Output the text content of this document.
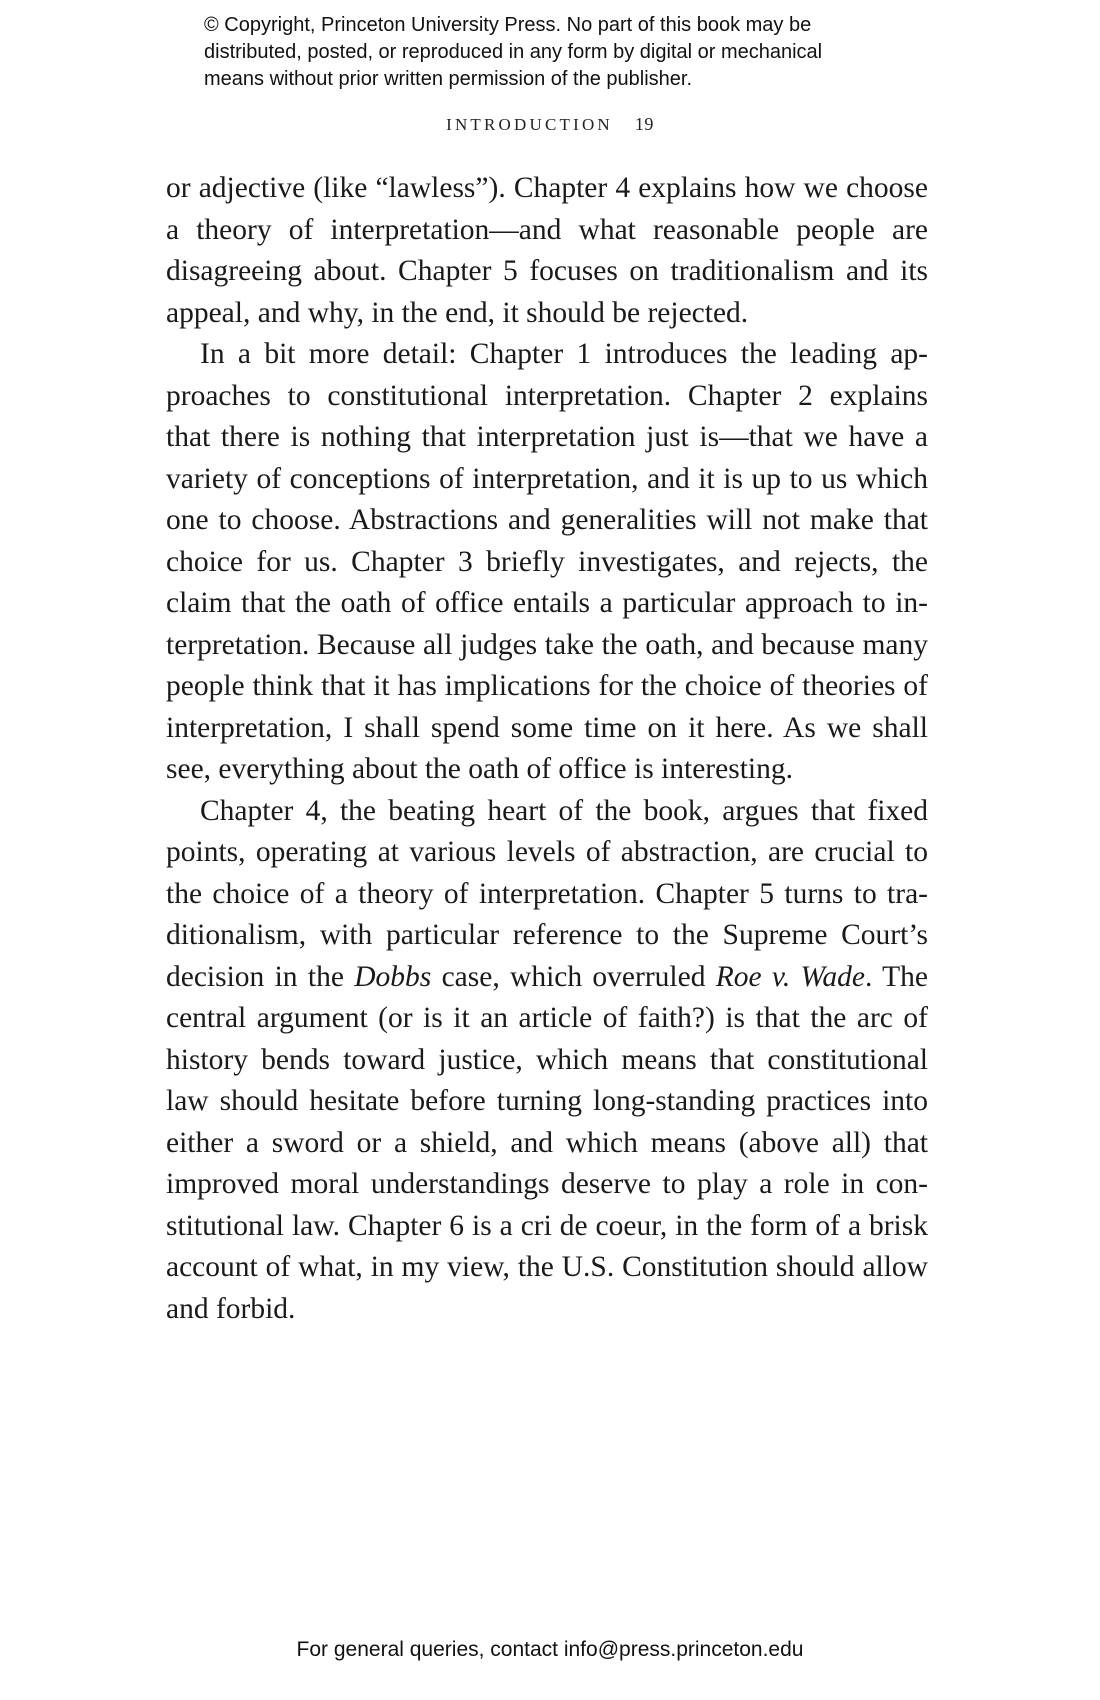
© Copyright, Princeton University Press. No part of this book may be
distributed, posted, or reproduced in any form by digital or mechanical
means without prior written permission of the publisher.
INTRODUCTION 19
or adjective (like “lawless”). Chapter 4 explains how we choose
a theory of interpretation—and what reasonable people are
disagreeing about. Chapter 5 focuses on traditionalism and its
appeal, and why, in the end, it should be rejected.
In a bit more detail: Chapter 1 introduces the leading ap-
proaches to constitutional interpretation. Chapter 2 explains
that there is nothing that interpretation just is—that we have a
variety of conceptions of interpretation, and it is up to us which
one to choose. Abstractions and generalities will not make that
choice for us. Chapter 3 briefly investigates, and rejects, the
claim that the oath of office entails a particular approach to in-
terpretation. Because all judges take the oath, and because many
people think that it has implications for the choice of theories of
interpretation, I shall spend some time on it here. As we shall
see, everything about the oath of office is interesting.
Chapter 4, the beating heart of the book, argues that fixed
points, operating at various levels of abstraction, are crucial to
the choice of a theory of interpretation. Chapter 5 turns to tra-
ditionalism, with particular reference to the Supreme Court’s
decision in the Dobbs case, which overruled Roe v. Wade. The
central argument (or is it an article of faith?) is that the arc of
history bends toward justice, which means that constitutional
law should hesitate before turning long-standing practices into
either a sword or a shield, and which means (above all) that
improved moral understandings deserve to play a role in con-
stitutional law. Chapter 6 is a cri de coeur, in the form of a brisk
account of what, in my view, the U.S. Constitution should allow
and forbid.
For general queries, contact info@press.princeton.edu
